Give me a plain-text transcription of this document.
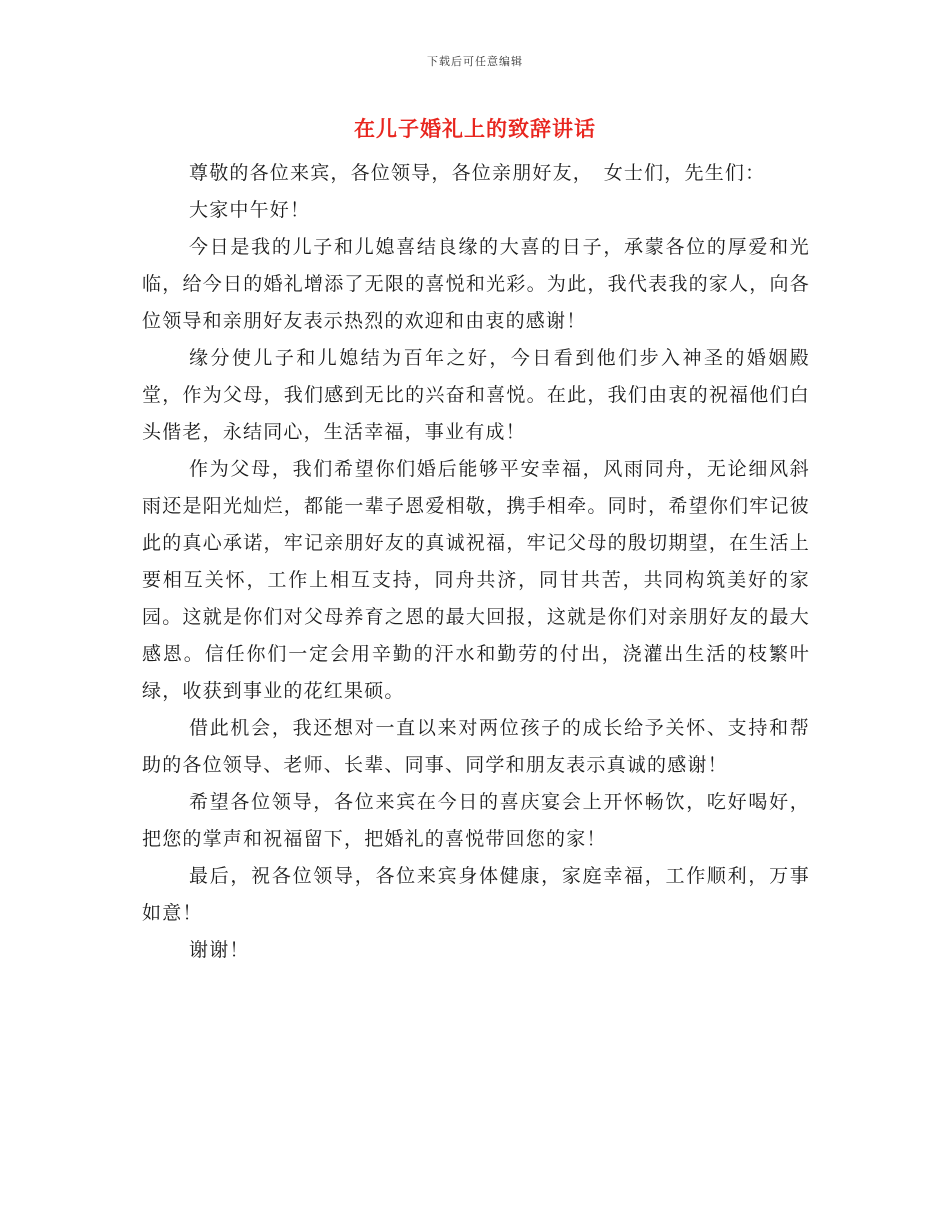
下载后可任意编辑
在儿子婚礼上的致辞讲话

尊敬的各位来宾，各位领导，各位亲朋好友，　女士们，先生们：

大家中午好！

今日是我的儿子和儿媳喜结良缘的大喜的日子，承蒙各位的厚爱和光临，给今日的婚礼增添了无限的喜悦和光彩。为此，我代表我的家人，向各位领导和亲朋好友表示热烈的欢迎和由衷的感谢！

缘分使儿子和儿媳结为百年之好，今日看到他们步入神圣的婚姻殿堂，作为父母，我们感到无比的兴奋和喜悦。在此，我们由衷的祝福他们白头偕老，永结同心，生活幸福，事业有成！

作为父母，我们希望你们婚后能够平安幸福，风雨同舟，无论细风斜雨还是阳光灿烂，都能一辈子恩爱相敬，携手相牵。同时，希望你们牢记彼此的真心承诺，牢记亲朋好友的真诚祝福，牢记父母的殷切期望，在生活上要相互关怀，工作上相互支持，同舟共济，同甘共苦，共同构筑美好的家园。这就是你们对父母养育之恩的最大回报，这就是你们对亲朋好友的最大感恩。信任你们一定会用辛勤的汗水和勤劳的付出，浇灌出生活的枝繁叶绿，收获到事业的花红果硕。

借此机会，我还想对一直以来对两位孩子的成长给予关怀、支持和帮助的各位领导、老师、长辈、同事、同学和朋友表示真诚的感谢！

希望各位领导，各位来宾在今日的喜庆宴会上开怀畅饮，吃好喝好，把您的掌声和祝福留下，把婚礼的喜悦带回您的家！

最后，祝各位领导，各位来宾身体健康，家庭幸福，工作顺利，万事如意！

谢谢！
